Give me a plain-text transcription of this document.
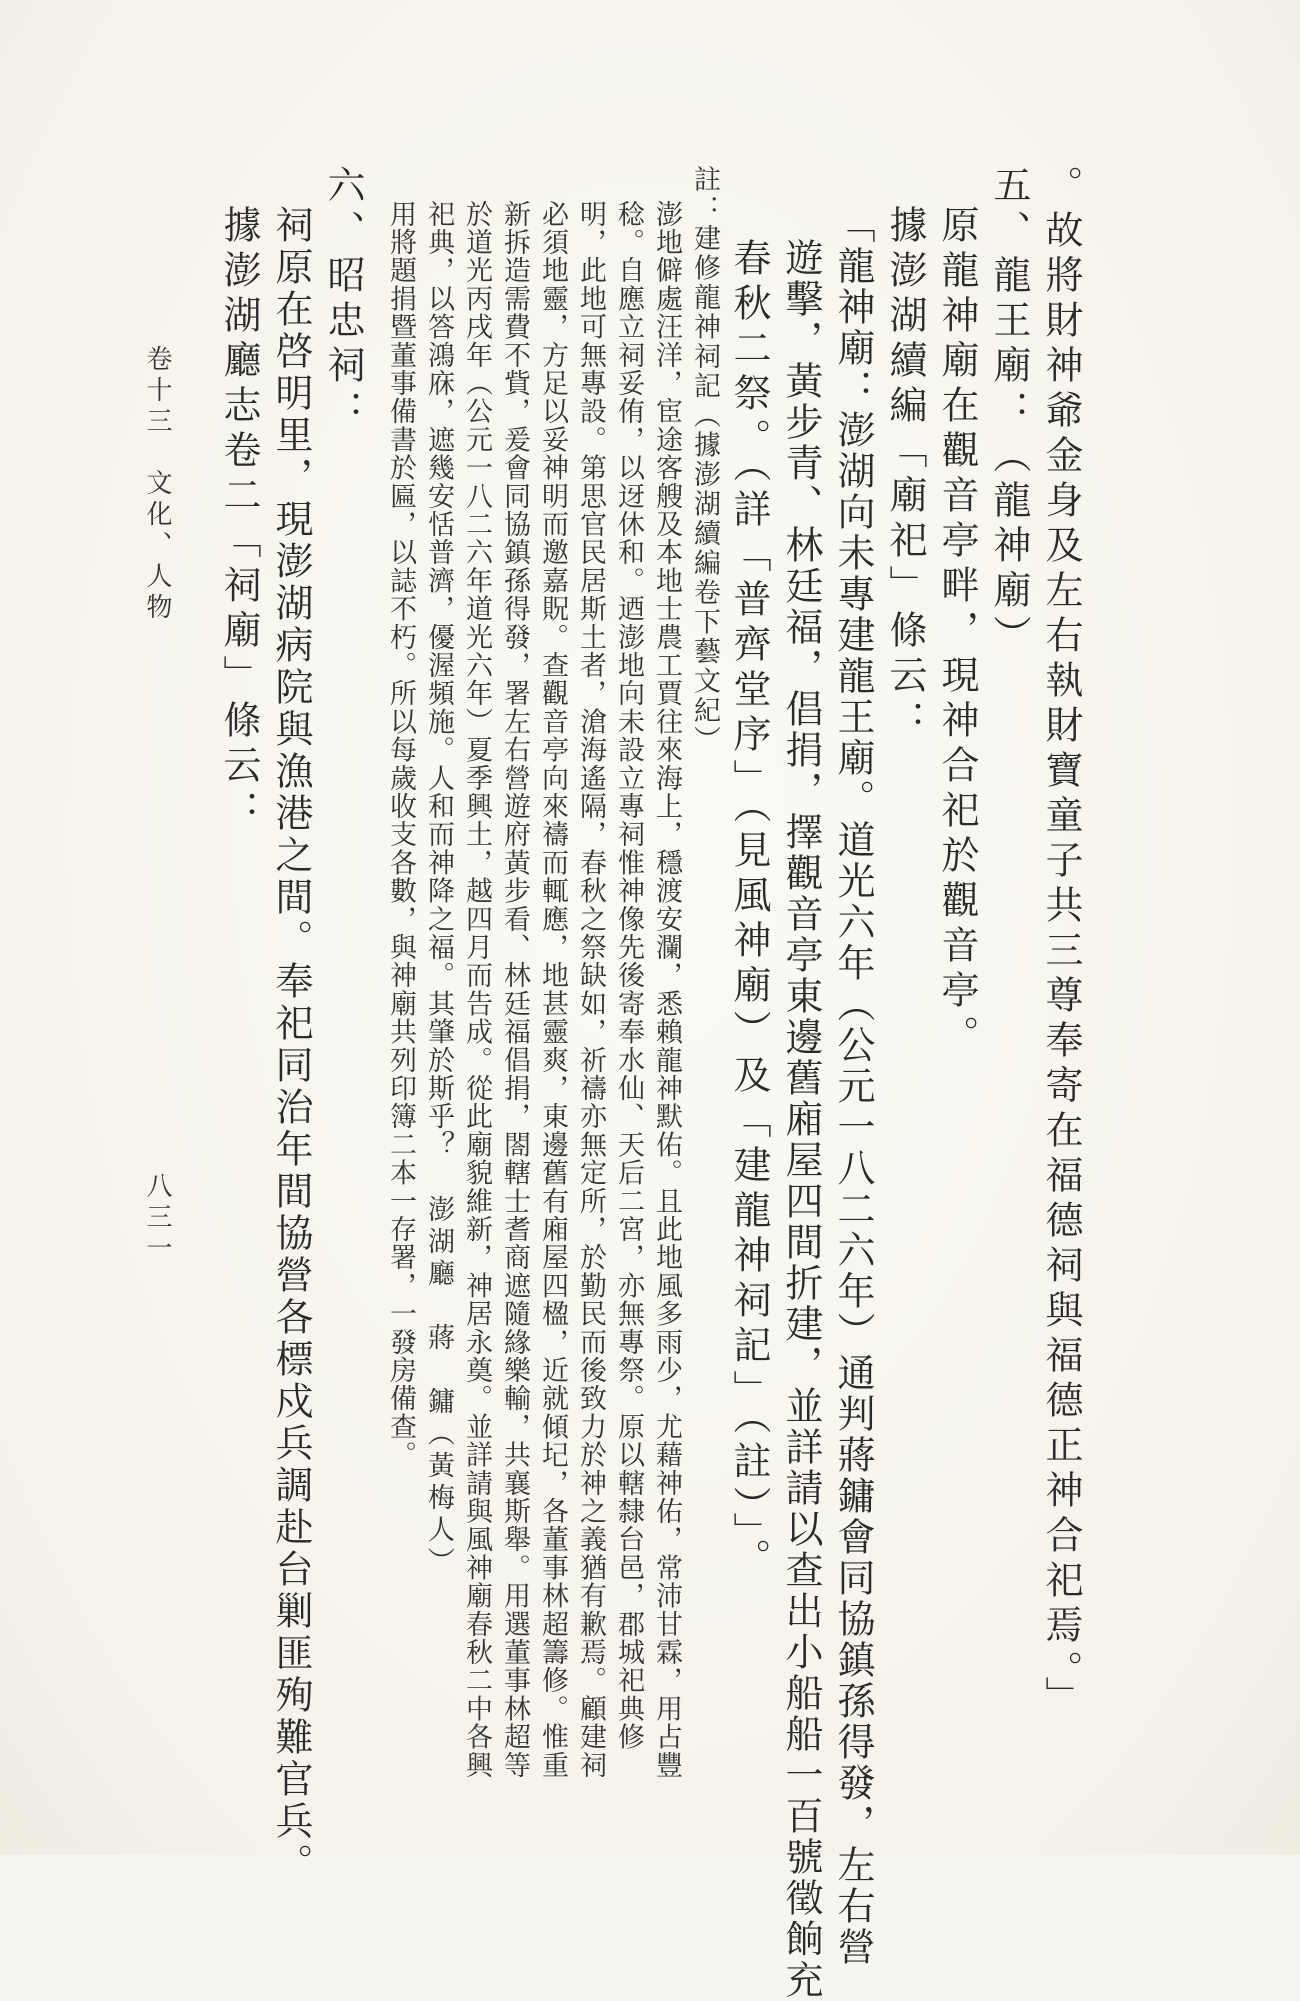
。故將財神爺金身及左右執財寶童子共三尊奉寄在福德祠與福德正神合祀焉。」
五、龍王廟：（龍神廟）
原龍神廟在觀音亭畔，現神合祀於觀音亭。
據澎湖續編「廟祀」條云：
「龍神廟：澎湖向未專建龍王廟。道光六年（公元一八二六年）通判蔣鏞會同協鎮孫得發，左右營
遊擊，黃步青、林廷福，倡捐，擇觀音亭東邊舊廂屋四間折建，並詳請以查出小船船一百號徵餉充
春秋二祭。（詳「普齊堂序」（見風神廟）及「建龍神祠記」（註）」。
註：建修龍神祠記（據澎湖續編卷下藝文紀）
澎地僻處汪洋，宦途客艘及本地士農工賈往來海上，穩渡安瀾，悉賴龍神默佑。且此地風多雨少，尤藉神佑，常沛甘霖，用占豐
稔。自應立祠妥侑，以迓休和。迺澎地向未設立專祠惟神像先後寄奉水仙、天后二宮，亦無專祭。原以轄隸台邑，郡城祀典修
明，此地可無專設。第思官民居斯土者，滄海遙隔，春秋之祭缺如，祈禱亦無定所，於勤民而後致力於神之義猶有歉焉。顧建祠
必須地靈，方足以妥神明而邀嘉貺。查觀音亭向來禱而輒應，地甚靈爽，東邊舊有廂屋四楹，近就傾圮，各董事林超籌修。惟重
新拆造需費不貲，爰會同協鎮孫得發，署左右營遊府黃步看、林廷福倡捐，閤轄士耆商遮隨緣樂輸，共襄斯舉。用選董事林超等
於道光丙戌年（公元一八二六年道光六年）夏季興土，越四月而告成。從此廟貌維新，神居永奠。並詳請與風神廟春秋二中各興
祀典，以答鴻庥，遮幾安恬普濟，優渥頻施。人和而神降之福。其肇於斯乎？
用將題捐暨董事備書於匾，以誌不朽。所以每歲收支各數，與神廟共列印簿二本一存署，一發房備查。 澎湖廳　蔣　鏞（黃梅人）
六、昭忠祠：
祠原在啓明里，現澎湖病院與漁港之間。奉祀同治年間協營各標戍兵調赴台剿匪殉難官兵。
據澎湖廳志卷二「祠廟」條云：
卷十三　文化、人物
八三一
